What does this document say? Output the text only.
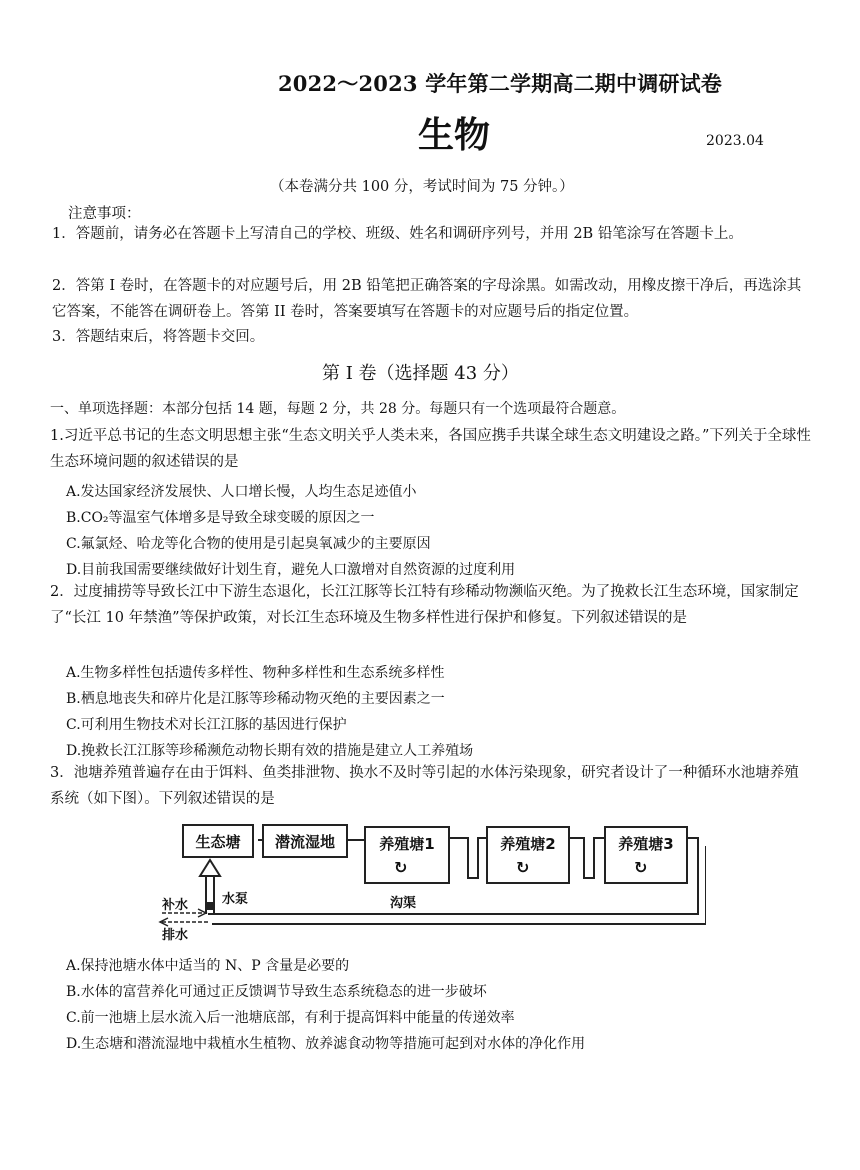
2022～2023 学年第二学期高二期中调研试卷
生物	2023.04
（本卷满分共 100 分，考试时间为 75 分钟。）
注意事项：
1．答题前，请务必在答题卡上写清自己的学校、班级、姓名和调研序列号，并用 2B 铅笔涂写在答题卡上。
2．答第 I 卷时，在答题卡的对应题号后，用 2B 铅笔把正确答案的字母涂黑。如需改动，用橡皮擦干净后，再选涂其它答案，不能答在调研卷上。答第 II 卷时，答案要填写在答题卡的对应题号后的指定位置。
3．答题结束后，将答题卡交回。
第 I 卷（选择题 43 分）
一、单项选择题：本部分包括 14 题，每题 2 分，共 28 分。每题只有一个选项最符合题意。
1.习近平总书记的生态文明思想主张“生态文明关乎人类未来，各国应携手共谋全球生态文明建设之路。”下列关于全球性生态环境问题的叙述错误的是
A.发达国家经济发展快、人口增长慢，人均生态足迹值小
B.CO₂等温室气体增多是导致全球变暖的原因之一
C.氟氯烃、哈龙等化合物的使用是引起臭氧减少的主要原因
D.目前我国需要继续做好计划生育，避免人口激增对自然资源的过度利用
2．过度捕捞等导致长江中下游生态退化，长江江豚等长江特有珍稀动物濒临灭绝。为了挽救长江生态环境，国家制定了“长江 10 年禁渔”等保护政策，对长江生态环境及生物多样性进行保护和修复。下列叙述错误的是
A.生物多样性包括遗传多样性、物种多样性和生态系统多样性
B.栖息地丧失和碎片化是江豚等珍稀动物灭绝的主要因素之一
C.可利用生物技术对长江江豚的基因进行保护
D.挽救长江江豚等珍稀濒危动物长期有效的措施是建立人工养殖场
3．池塘养殖普遍存在由于饵料、鱼类排泄物、换水不及时等引起的水体污染现象，研究者设计了一种循环水池塘养殖系统（如下图）。下列叙述错误的是
生态塘 潜流湿地	养殖塘1	养殖塘2	养殖塘3
↻	↻	↻
水泵	沟渠
补水
排水
A.保持池塘水体中适当的 N、P 含量是必要的
B.水体的富营养化可通过正反馈调节导致生态系统稳态的进一步破坏
C.前一池塘上层水流入后一池塘底部，有利于提高饵料中能量的传递效率
D.生态塘和潜流湿地中栽植水生植物、放养滤食动物等措施可起到对水体的净化作用
